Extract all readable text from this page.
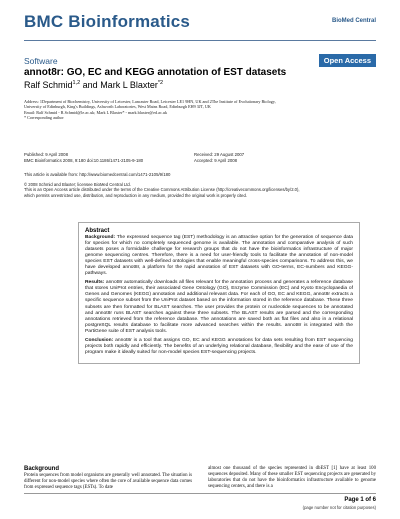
BMC Bioinformatics	BioMed Central
Software	Open Access
annot8r: GO, EC and KEGG annotation of EST datasets
Ralf Schmid$^{1,2}$ and Mark L Blaxter$^{*2}$
Address: 1Department of Biochemistry, University of Leicester, Lancaster Road, Leicester LE1 9HN, UK and 2The Institute of Evolutionary Biology,
University of Edinburgh, King's Buildings, Ashworth Laboratories, West Mains Road, Edinburgh EH9 3JT, UK
Email: Ralf Schmid - R.Schmid@le.ac.uk; Mark L Blaxter* - mark.blaxter@ed.ac.uk
* Corresponding author
Published: 9 April 2008	Received: 29 August 2007
BMC Bioinformatics 2008, 9:180 doi:10.1186/1471-2105-9-180	Accepted: 9 April 2008
This article is available from: http://www.biomedcentral.com/1471-2105/9/180
© 2008 Schmid and Blaxter; licensee BioMed Central Ltd.
This is an Open Access article distributed under the terms of the Creative Commons Attribution License (http://creativecommons.org/licenses/by/2.0),
which permits unrestricted use, distribution, and reproduction in any medium, provided the original work is properly cited.
Abstract

Background: The expressed sequence tag (EST) methodology is an attractive option for the generation of sequence data for species for which no completely sequenced genome is available. The annotation and comparative analysis of such datasets poses a formidable challenge for research groups that do not have the bioinformatics infrastructure of major genome sequencing centres. Therefore, there is a need for user-friendly tools to facilitate the annotation of non-model species EST datasets with well-defined ontologies that enable meaningful cross-species comparisons. To address this, we have developed annot8r, a platform for the rapid annotation of EST datasets with GO-terms, EC-numbers and KEGG-pathways.

Results: annot8r automatically downloads all files relevant for the annotation process and generates a reference database that stores UniProt entries, their associated Gene Ontology (GO), Enzyme Commission (EC) and Kyoto Encyclopaedia of Genes and Genomes (KEGG) annotation and additional relevant data. For each of GO, EC and KEGG, annot8r extracts a specific sequence subset from the UniProt dataset based on the information stored in the reference database. These three subsets are then formatted for BLAST searches. The user provides the protein or nucleotide sequences to be annotated and annot8r runs BLAST searches against these three subsets. The BLAST results are parsed and the corresponding annotations retrieved from the reference database. The annotations are saved both as flat files and also in a relational postgreSQL results database to facilitate more advanced searches within the results. annot8r is integrated with the PartiGene suite of EST analysis tools.

Conclusion: annot8r is a tool that assigns GO, EC and KEGG annotations for data sets resulting from EST sequencing projects both rapidly and efficiently. The benefits of an underlying relational database, flexibility and the ease of use of the program make it ideally suited for non-model species EST-sequencing projects.

Background

Protein sequences from model organisms are generally well annotated. The situation is different for non-model species where often the core of available sequence data comes from expressed sequence tags (ESTs). To date

almost one thousand of the species represented in dbEST [1] have at least 100 sequences deposited. Many of these smaller EST sequencing projects are generated by laboratories that do not have the bioinformatics infrastructure available to genome sequencing centers, and there is a

Page 1 of 6
(page number not for citation purposes)
